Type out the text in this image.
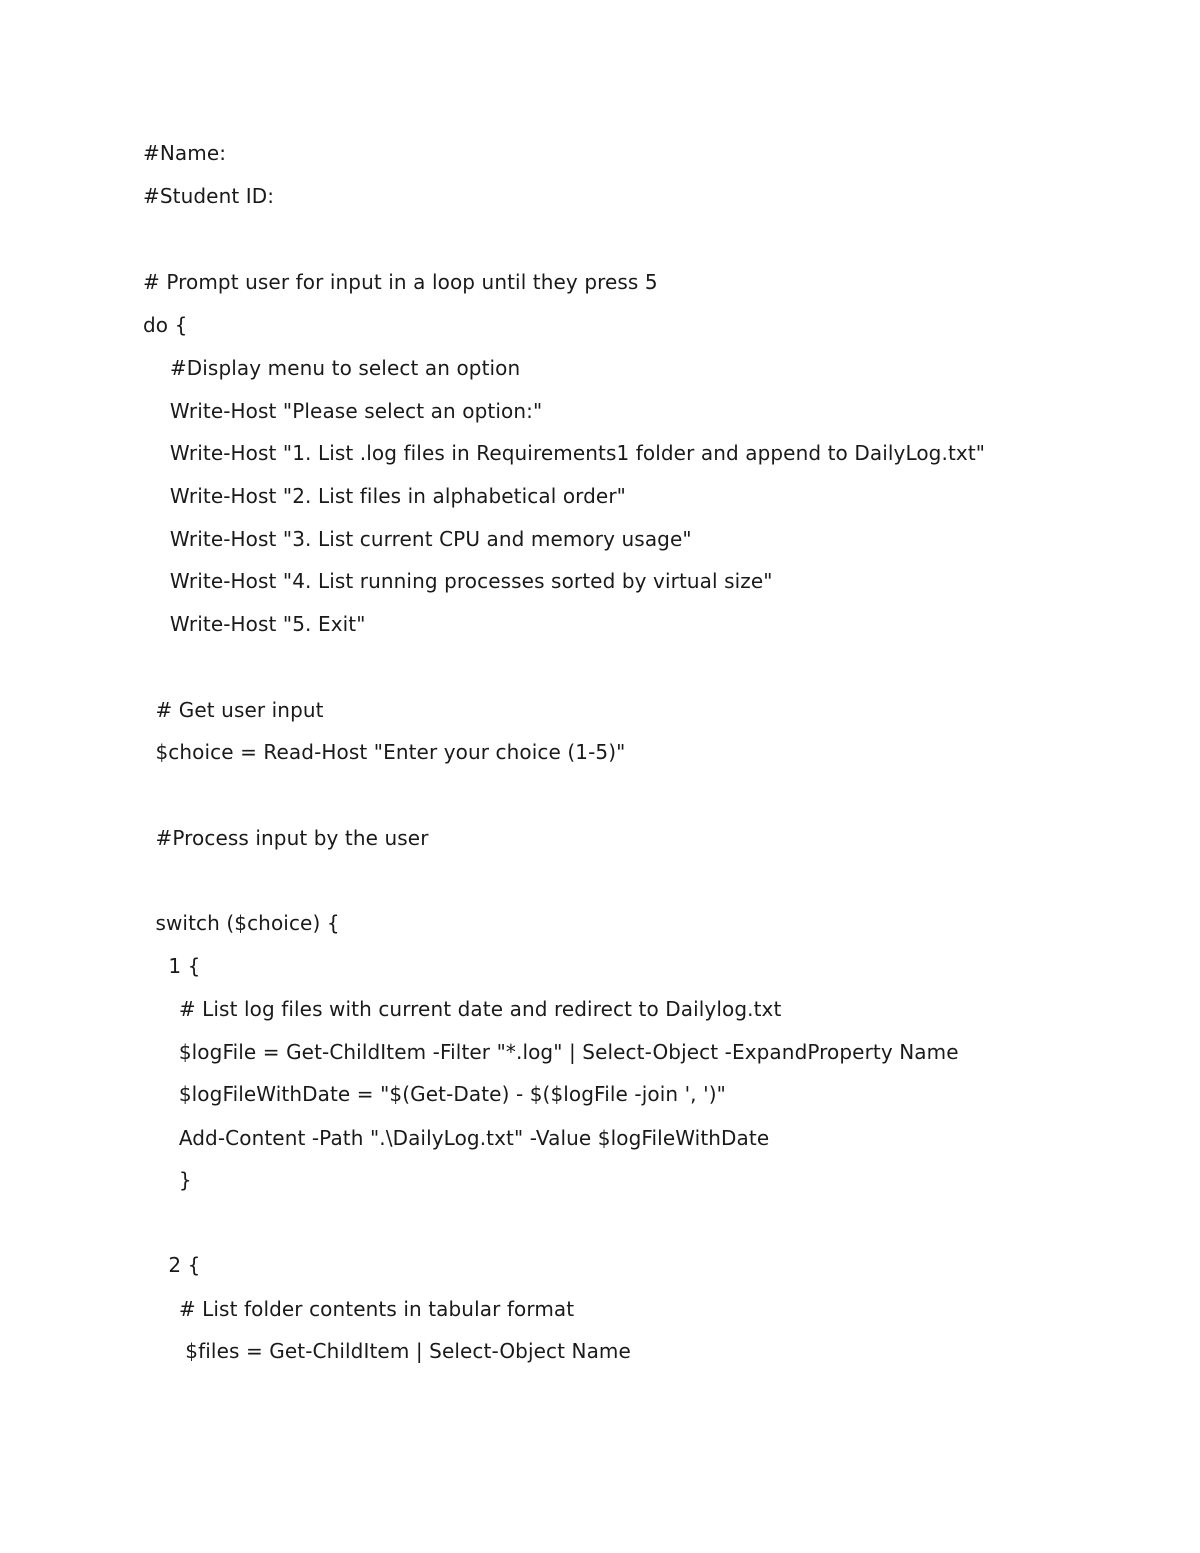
#Name:
#Student ID:
# Prompt user for input in a loop until they press 5
do {
#Display menu to select an option
Write-Host "Please select an option:"
Write-Host "1. List .log files in Requirements1 folder and append to DailyLog.txt"
Write-Host "2. List files in alphabetical order"
Write-Host "3. List current CPU and memory usage"
Write-Host "4. List running processes sorted by virtual size"
Write-Host "5. Exit"
# Get user input
$choice = Read-Host "Enter your choice (1-5)"
#Process input by the user
switch ($choice) {
1 {
# List log files with current date and redirect to Dailylog.txt
$logFile = Get-ChildItem -Filter "*.log" | Select-Object -ExpandProperty Name
$logFileWithDate = "$(Get-Date) - $($logFile -join ', ')"
Add-Content -Path ".\DailyLog.txt" -Value $logFileWithDate
}
2 {
# List folder contents in tabular format
$files = Get-ChildItem | Select-Object Name
